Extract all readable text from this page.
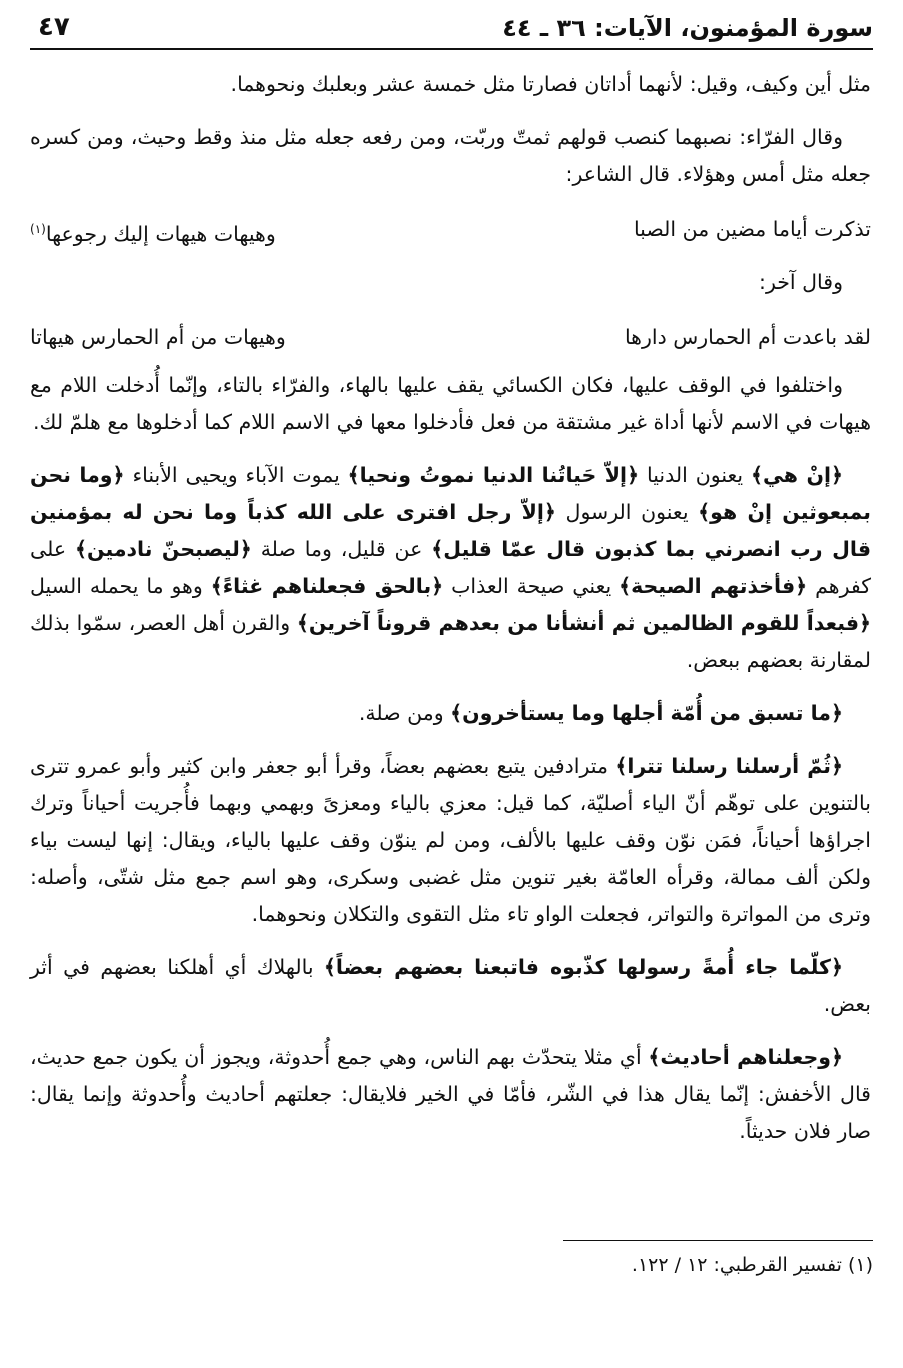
سورة المؤمنون، الآيات: ٣٦ ـ ٤٤
٤٧

مثل أين وكيف، وقيل: لأنهما أداتان فصارتا مثل خمسة عشر وبعلبك ونحوهما.

وقال الفرّاء: نصبهما كنصب قولهم ثمتّ وربّت، ومن رفعه جعله مثل منذ وقط وحيث، ومن كسره جعله مثل أمس وهؤلاء. قال الشاعر:

تذكرت أياما مضين من الصبا
وهيهات هيهات إليك رجوعها$^{(١)}$

وقال آخر:

لقد باعدت أم الحمارس دارها
وهيهات من أم الحمارس هيهاتا

واختلفوا في الوقف عليها، فكان الكسائي يقف عليها بالهاء، والفرّاء بالتاء، وإنّما أُدخلت اللام مع هيهات في الاسم لأنها أداة غير مشتقة من فعل فأدخلوا معها في الاسم اللام كما أدخلوها مع هلمّ لك.

﴿إنْ هي﴾ يعنون الدنيا ﴿إلاّ حَياتُنا الدنيا نموتُ ونحيا﴾ يموت الآباء ويحيى الأبناء ﴿وما نحن بمبعوثين إنْ هو﴾ يعنون الرسول ﴿إلاّ رجل افترى على الله كذباً وما نحن له بمؤمنين قال رب انصرني بما كذبون قال عمّا قليل﴾ عن قليل، وما صلة ﴿ليصبحنّ نادمين﴾ على كفرهم ﴿فأخذتهم الصيحة﴾ يعني صيحة العذاب ﴿بالحق فجعلناهم غثاءً﴾ وهو ما يحمله السيل ﴿فبعداً للقوم الظالمين ثم أنشأنا من بعدهم قروناً آخرين﴾ والقرن أهل العصر، سمّوا بذلك لمقارنة بعضهم ببعض.

﴿ما تسبق من أُمّة أجلها وما يستأخرون﴾ ومن صلة.

﴿ثُمّ أرسلنا رسلنا تترا﴾ مترادفين يتبع بعضهم بعضاً، وقرأ أبو جعفر وابن كثير وأبو عمرو تترى بالتنوين على توهّم أنّ الياء أصليّة، كما قيل: معزي بالياء ومعزىً وبهمي وبهما فأُجريت أحياناً وترك اجراؤها أحياناً، فمَن نوّن وقف عليها بالألف، ومن لم ينوّن وقف عليها بالياء، ويقال: إنها ليست بياء ولكن ألف ممالة، وقرأه العامّة بغير تنوين مثل غضبى وسكرى، وهو اسم جمع مثل شتّى، وأصله: وترى من المواترة والتواتر، فجعلت الواو تاء مثل التقوى والتكلان ونحوهما.

﴿كلّما جاء أُمةً رسولها كذّبوه فاتبعنا بعضهم بعضاً﴾ بالهلاك أي أهلكنا بعضهم في أثر بعض.

﴿وجعلناهم أحاديث﴾ أي مثلا يتحدّث بهم الناس، وهي جمع أُحدوثة، ويجوز أن يكون جمع حديث، قال الأخفش: إنّما يقال هذا في الشّر، فأمّا في الخير فلايقال: جعلتهم أحاديث وأُحدوثة وإنما يقال: صار فلان حديثاً.

(١) تفسير القرطبي: ١٢ / ١٢٢.
